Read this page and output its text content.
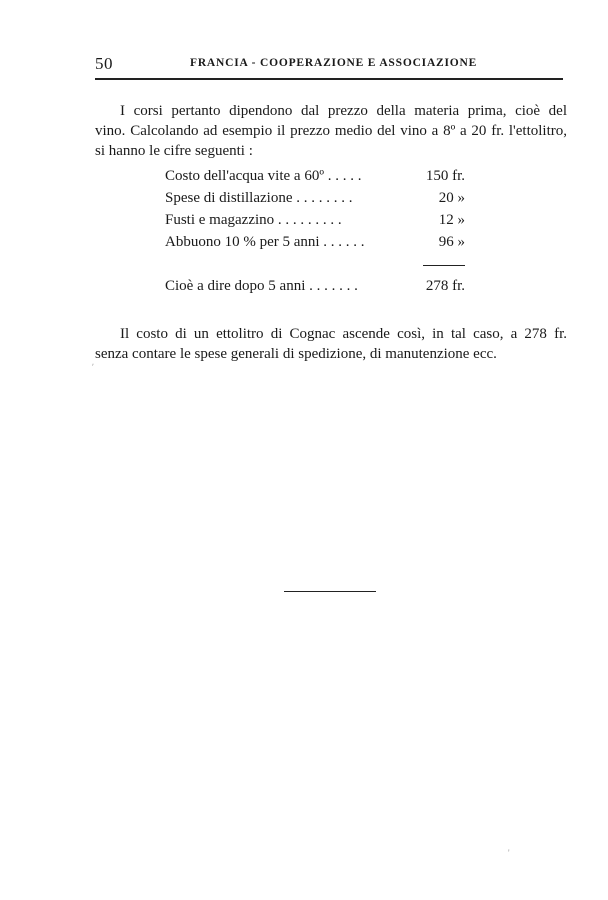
50	FRANCIA - COOPERAZIONE E ASSOCIAZIONE

I corsi pertanto dipendono dal prezzo della materia prima, cioè del
vino. Calcolando ad esempio il prezzo medio del vino a 8º a 20 fr. l'ettolitro,
si hanno le cifre seguenti :

Costo dell'acqua vite a 60º . . . . .	150 fr.
Spese di distillazione . . . . . . . .	20 »
Fusti e magazzino . . . . . . . . .	12 »
Abbuono 10 % per 5 anni . . . . . .	96 »
Cioè a dire dopo 5 anni . . . . . . .	278 fr.

Il costo di un ettolitro di Cognac ascende così, in tal caso, a 278 fr.
senza contare le spese generali di spedizione, di manutenzione ecc.

ʹ
'
